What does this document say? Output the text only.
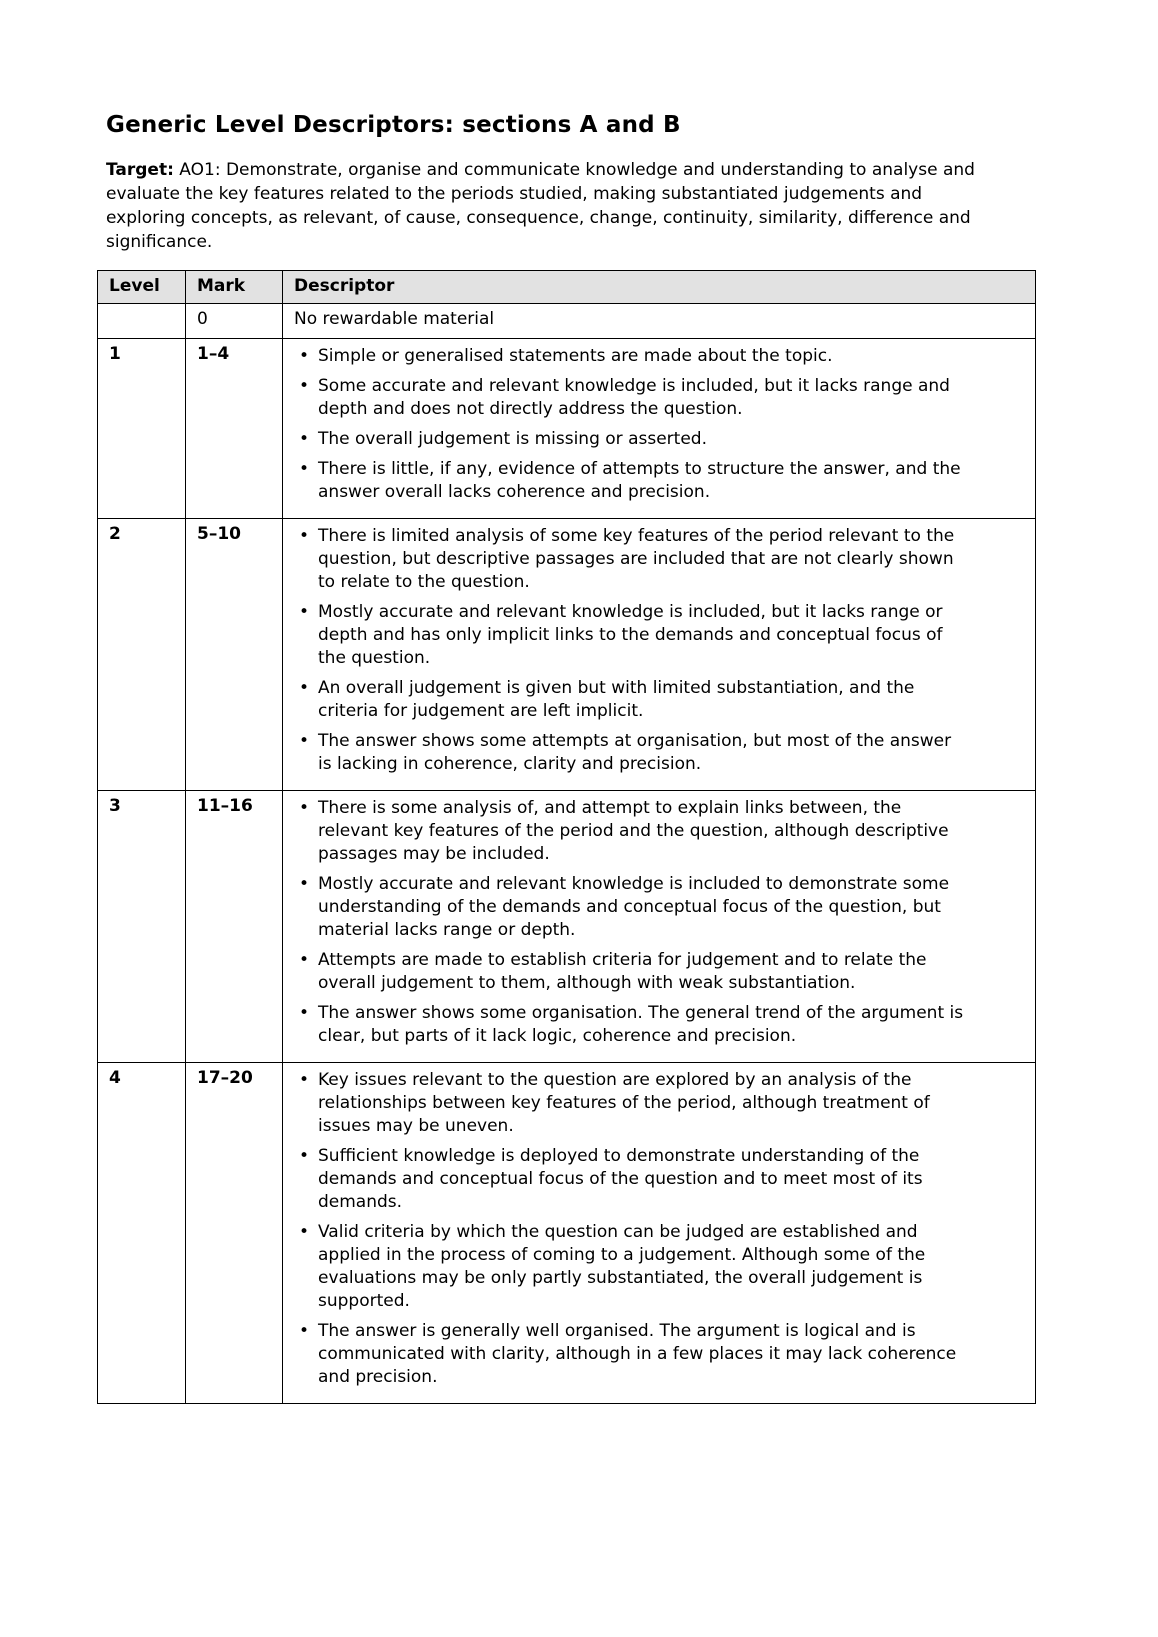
Generic Level Descriptors: sections A and B

Target: AO1: Demonstrate, organise and communicate knowledge and understanding to analyse and evaluate the key features related to the periods studied, making substantiated judgements and exploring concepts, as relevant, of cause, consequence, change, continuity, similarity, difference and significance.

Level	Mark	Descriptor
	0	No rewardable material

1	1–4	• Simple or generalised statements are made about the topic.
• Some accurate and relevant knowledge is included, but it lacks range and depth and does not directly address the question.
• The overall judgement is missing or asserted.
• There is little, if any, evidence of attempts to structure the answer, and the answer overall lacks coherence and precision.

2	5–10	• There is limited analysis of some key features of the period relevant to the question, but descriptive passages are included that are not clearly shown to relate to the question.
• Mostly accurate and relevant knowledge is included, but it lacks range or depth and has only implicit links to the demands and conceptual focus of the question.
• An overall judgement is given but with limited substantiation, and the criteria for judgement are left implicit.
• The answer shows some attempts at organisation, but most of the answer is lacking in coherence, clarity and precision.

3	11–16	• There is some analysis of, and attempt to explain links between, the relevant key features of the period and the question, although descriptive passages may be included.
• Mostly accurate and relevant knowledge is included to demonstrate some understanding of the demands and conceptual focus of the question, but material lacks range or depth.
• Attempts are made to establish criteria for judgement and to relate the overall judgement to them, although with weak substantiation.
• The answer shows some organisation. The general trend of the argument is clear, but parts of it lack logic, coherence and precision.

4	17–20	• Key issues relevant to the question are explored by an analysis of the relationships between key features of the period, although treatment of issues may be uneven.
• Sufficient knowledge is deployed to demonstrate understanding of the demands and conceptual focus of the question and to meet most of its demands.
• Valid criteria by which the question can be judged are established and applied in the process of coming to a judgement. Although some of the evaluations may be only partly substantiated, the overall judgement is supported.
• The answer is generally well organised. The argument is logical and is communicated with clarity, although in a few places it may lack coherence and precision.
